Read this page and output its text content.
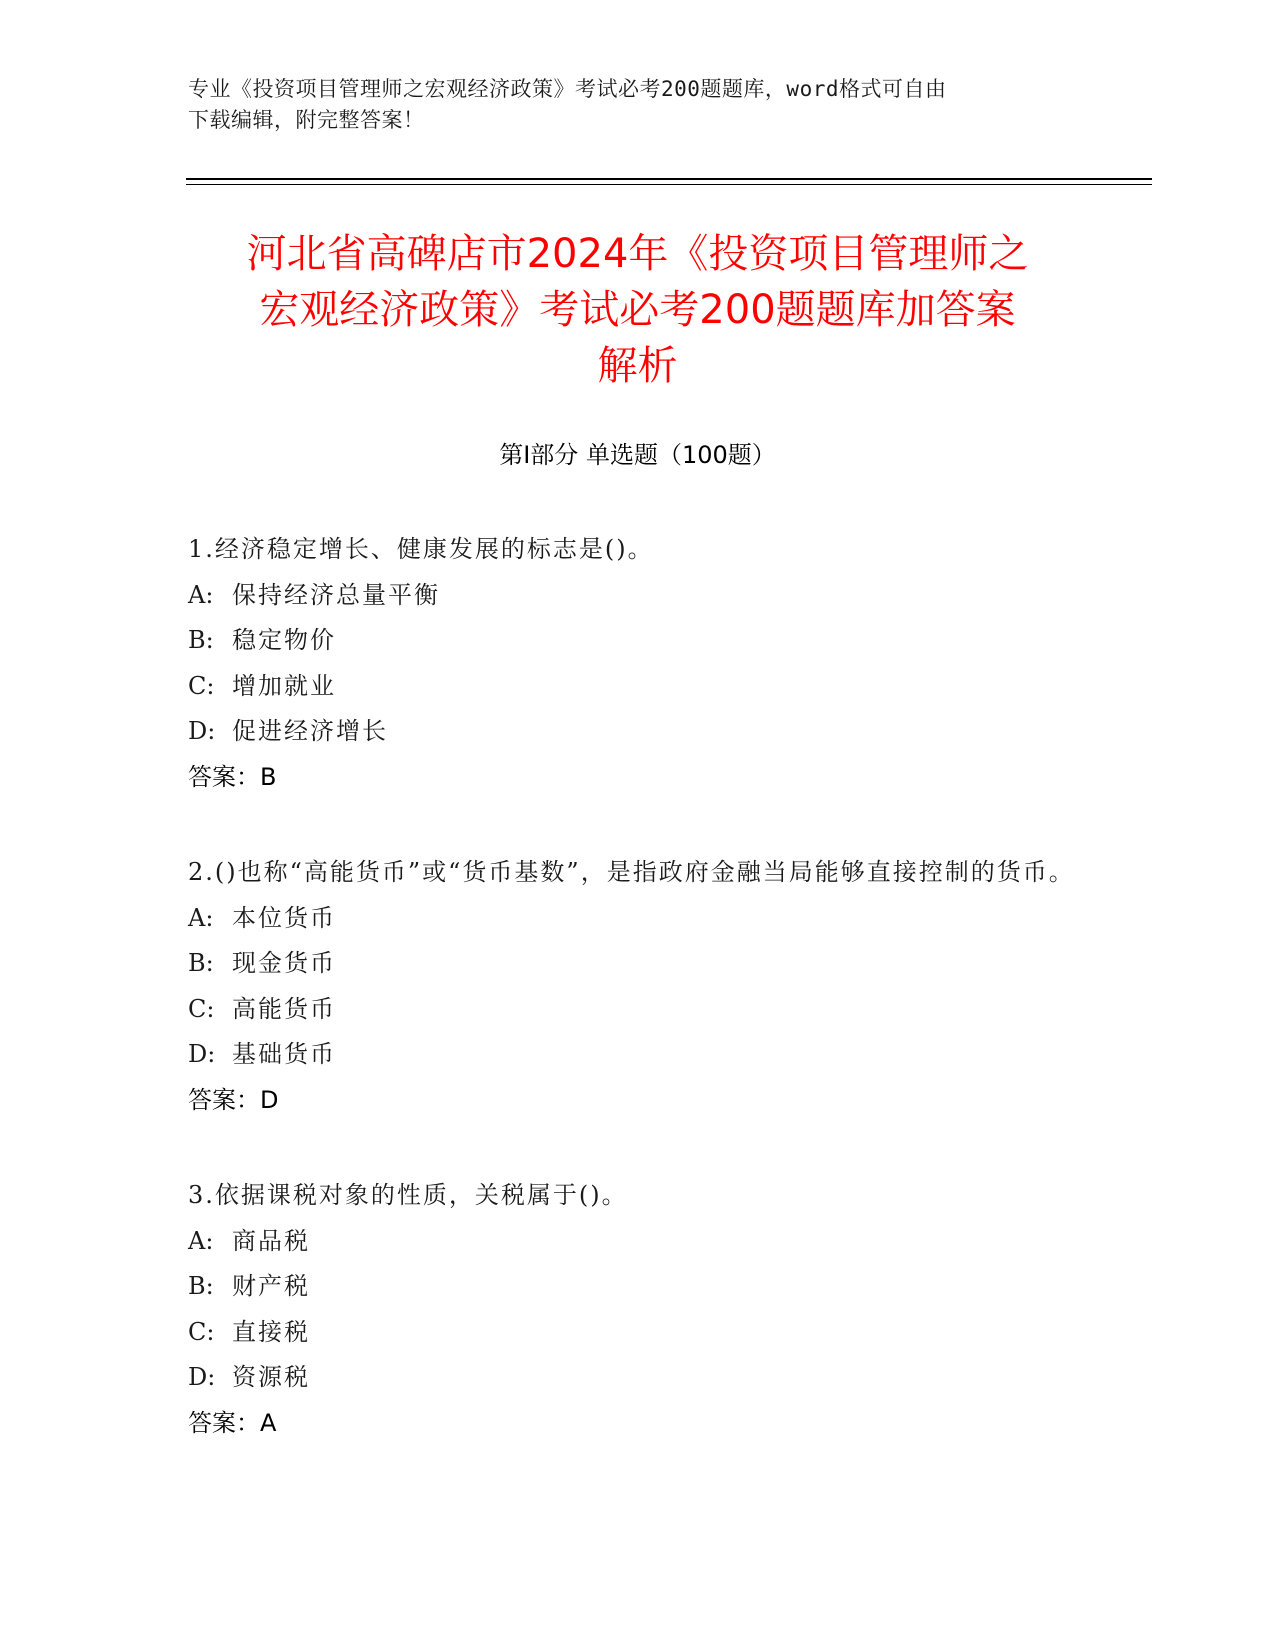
专业《投资项目管理师之宏观经济政策》考试必考200题题库，word格式可自由
下载编辑，附完整答案！
河北省高碑店市2024年《投资项目管理师之
宏观经济政策》考试必考200题题库加答案
解析
第Ⅰ部分 单选题（100题）
1.经济稳定增长、健康发展的标志是()。
A: 保持经济总量平衡
B: 稳定物价
C: 增加就业
D: 促进经济增长
答案：B
2.()也称“高能货币”或“货币基数”，是指政府金融当局能够直接控制的货币。
A: 本位货币
B: 现金货币
C: 高能货币
D: 基础货币
答案：D
3.依据课税对象的性质，关税属于()。
A: 商品税
B: 财产税
C: 直接税
D: 资源税
答案：A
